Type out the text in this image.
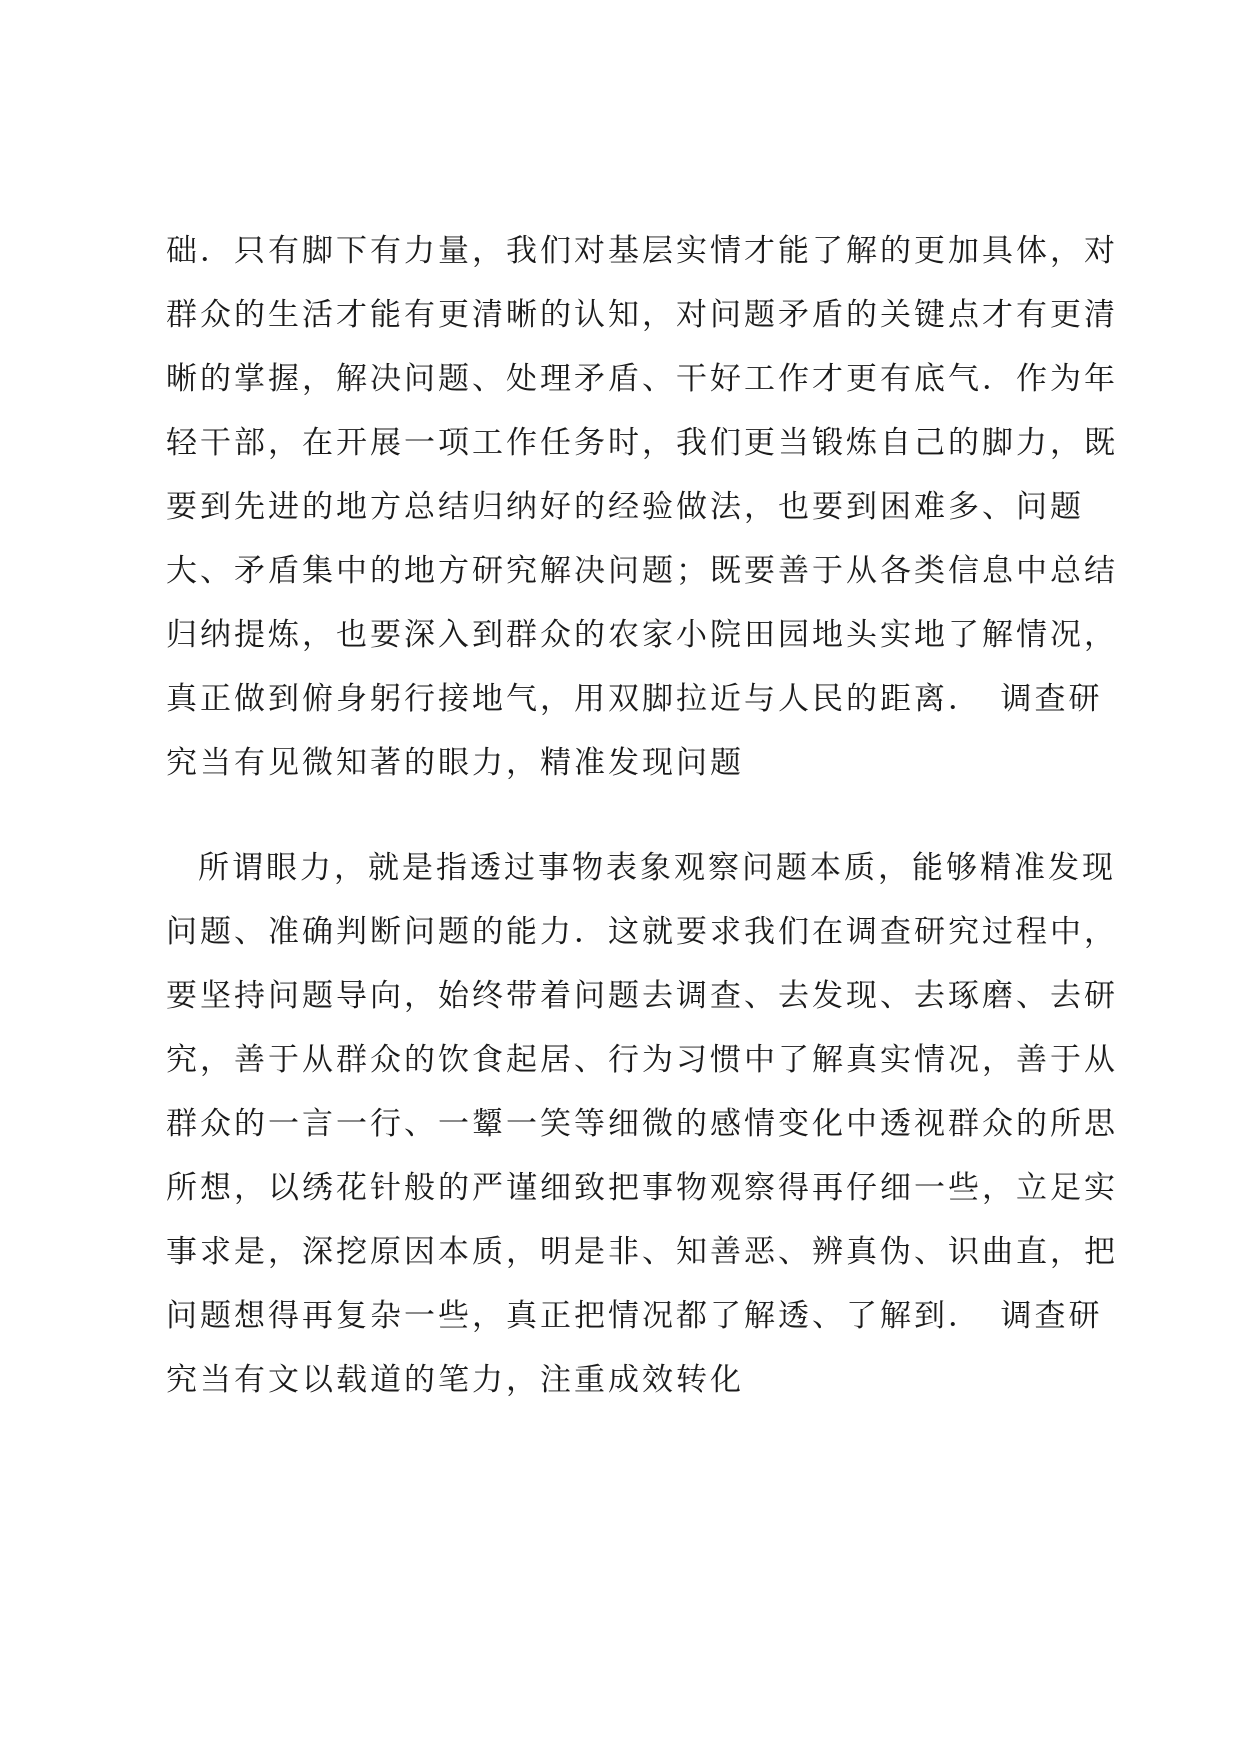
础．只有脚下有力量，我们对基层实情才能了解的更加具体，对
群众的生活才能有更清晰的认知，对问题矛盾的关键点才有更清
晰的掌握，解决问题、处理矛盾、干好工作才更有底气．作为年
轻干部，在开展一项工作任务时，我们更当锻炼自己的脚力，既
要到先进的地方总结归纳好的经验做法，也要到困难多、问题
大、矛盾集中的地方研究解决问题；既要善于从各类信息中总结
归纳提炼，也要深入到群众的农家小院田园地头实地了解情况，
真正做到俯身躬行接地气，用双脚拉近与人民的距离．　调查研
究当有见微知著的眼力，精准发现问题
所谓眼力，就是指透过事物表象观察问题本质，能够精准发现
问题、准确判断问题的能力．这就要求我们在调查研究过程中，
要坚持问题导向，始终带着问题去调查、去发现、去琢磨、去研
究，善于从群众的饮食起居、行为习惯中了解真实情况，善于从
群众的一言一行、一颦一笑等细微的感情变化中透视群众的所思
所想，以绣花针般的严谨细致把事物观察得再仔细一些，立足实
事求是，深挖原因本质，明是非、知善恶、辨真伪、识曲直，把
问题想得再复杂一些，真正把情况都了解透、了解到．　调查研
究当有文以载道的笔力，注重成效转化
